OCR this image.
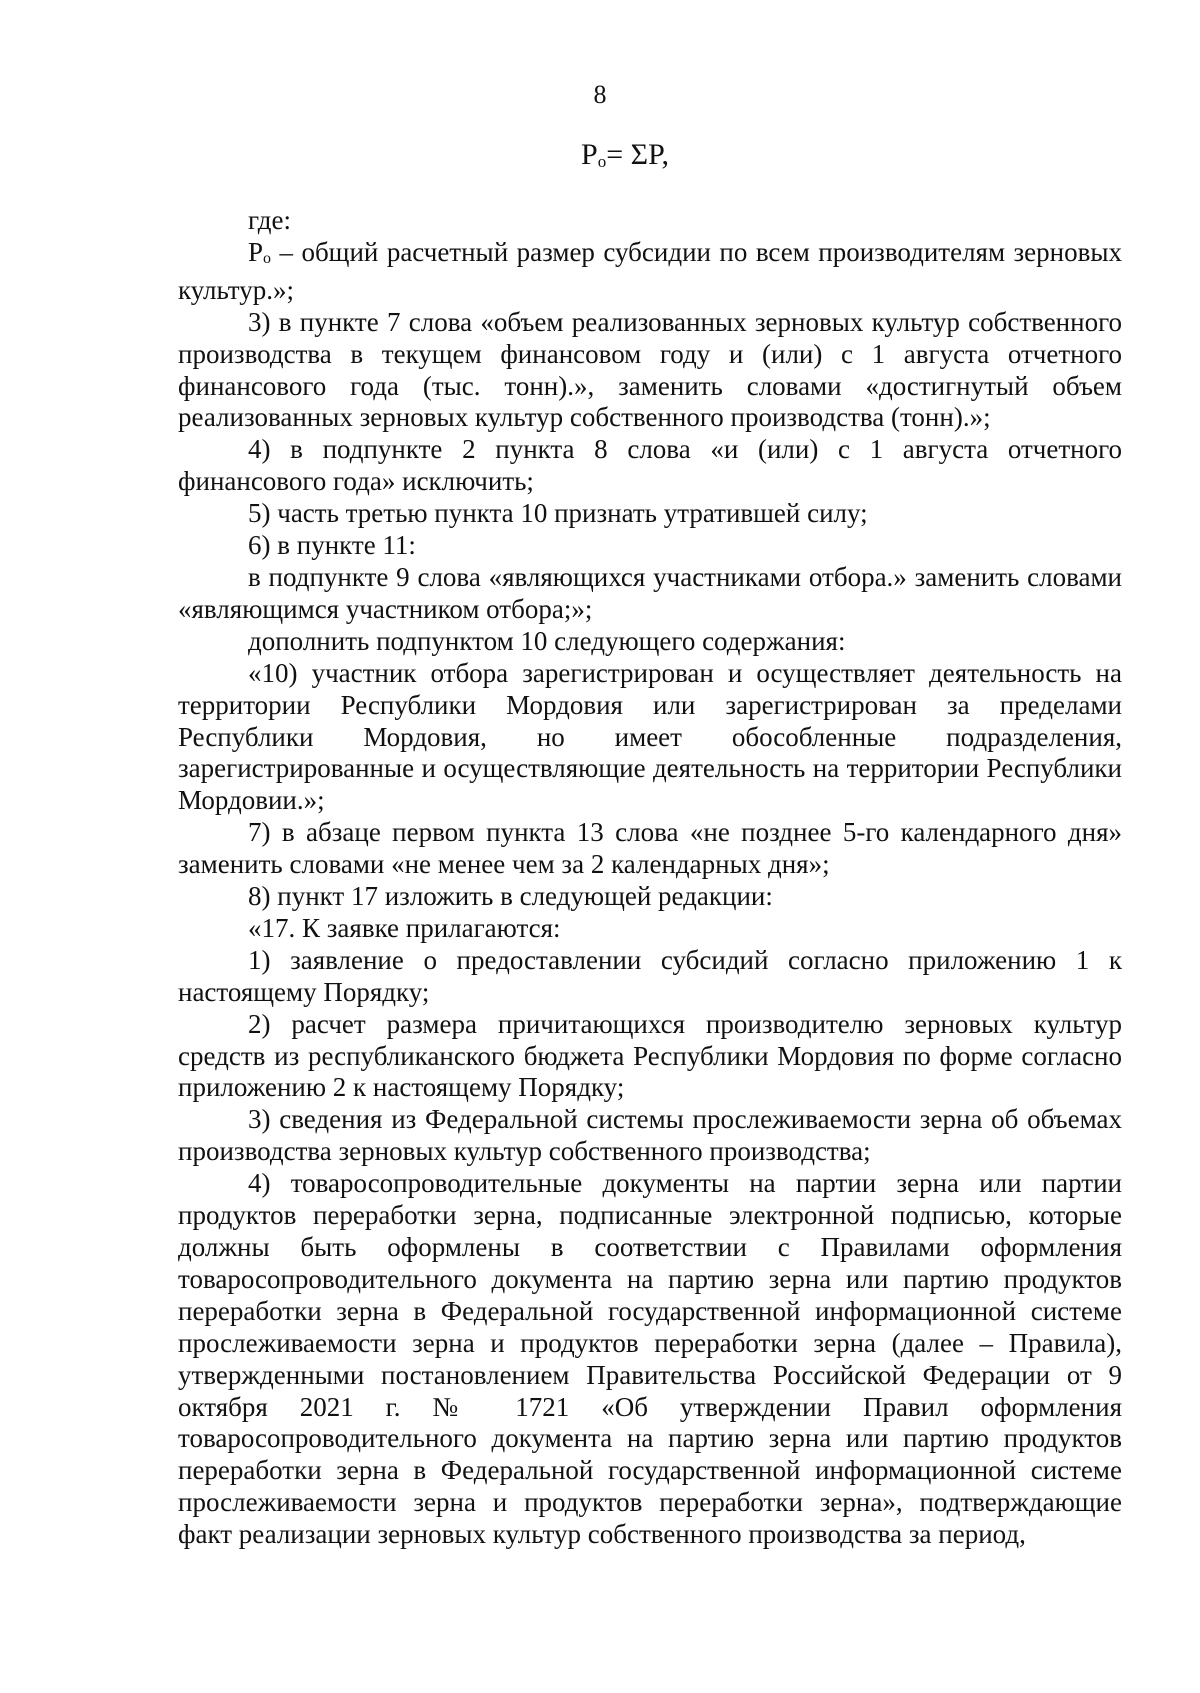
8
$P_o= \Sigma P$,

где:

$P_o$ – общий расчетный размер субсидии по всем производителям зерновых культур.»;

3) в пункте 7 слова «объем реализованных зерновых культур собственного производства в текущем финансовом году и (или) с 1 августа отчетного финансового года (тыс. тонн).», заменить словами «достигнутый объем реализованных зерновых культур собственного производства (тонн).»;

4) в подпункте 2 пункта 8 слова «и (или) с 1 августа отчетного финансового года» исключить;

5) часть третью пункта 10 признать утратившей силу;

6) в пункте 11:

в подпункте 9 слова «являющихся участниками отбора.» заменить словами «являющимся участником отбора;»;

дополнить подпунктом 10 следующего содержания:

«10) участник отбора зарегистрирован и осуществляет деятельность на территории Республики Мордовия или зарегистрирован за пределами Республики Мордовия, но имеет обособленные подразделения, зарегистрированные и осуществляющие деятельность на территории Республики Мордовии.»;

7) в абзаце первом пункта 13 слова «не позднее 5-го календарного дня» заменить словами «не менее чем за 2 календарных дня»;

8) пункт 17 изложить в следующей редакции:

«17. К заявке прилагаются:

1) заявление о предоставлении субсидий согласно приложению 1 к настоящему Порядку;

2) расчет размера причитающихся производителю зерновых культур средств из республиканского бюджета Республики Мордовия по форме согласно приложению 2 к настоящему Порядку;

3) сведения из Федеральной системы прослеживаемости зерна об объемах производства зерновых культур собственного производства;

4) товаросопроводительные документы на партии зерна или партии продуктов переработки зерна, подписанные электронной подписью, которые должны быть оформлены в соответствии с Правилами оформления товаросопроводительного документа на партию зерна или партию продуктов переработки зерна в Федеральной государственной информационной системе прослеживаемости зерна и продуктов переработки зерна (далее – Правила), утвержденными постановлением Правительства Российской Федерации от 9 октября 2021 г. № 1721 «Об утверждении Правил оформления товаросопроводительного документа на партию зерна или партию продуктов переработки зерна в Федеральной государственной информационной системе прослеживаемости зерна и продуктов переработки зерна», подтверждающие факт реализации зерновых культур собственного производства за период,
